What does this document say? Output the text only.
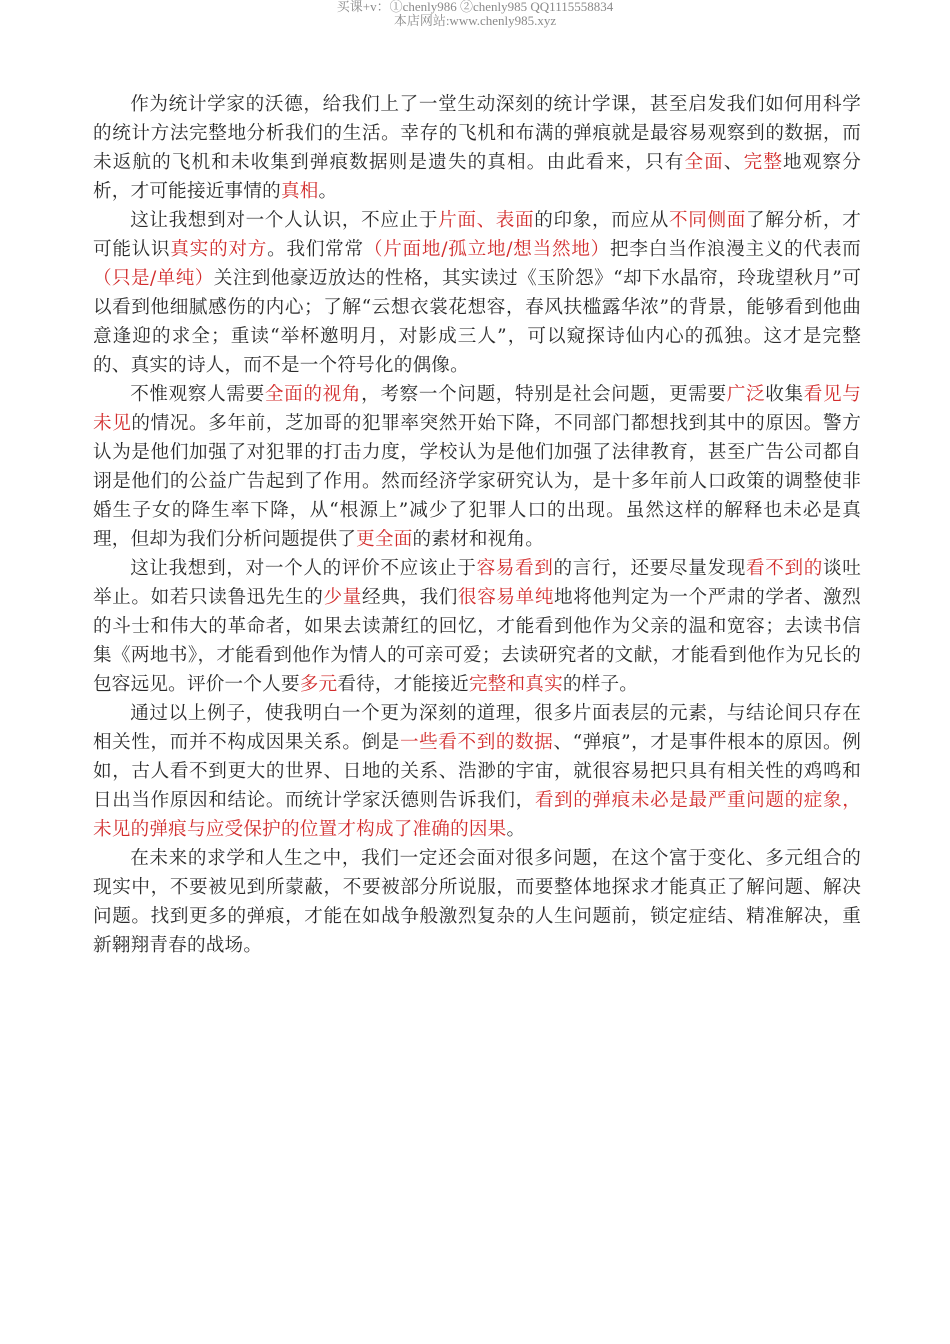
买课+v：①chenly986 ②chenly985 QQ1115558834
本店网站:www.chenly985.xyz

作为统计学家的沃德，给我们上了一堂生动深刻的统计学课，甚至启发我们如何用科学的统计方法完整地分析我们的生活。幸存的飞机和布满的弹痕就是最容易观察到的数据，而未返航的飞机和未收集到弹痕数据则是遗失的真相。由此看来，只有全面、完整地观察分析，才可能接近事情的真相。

这让我想到对一个人认识，不应止于片面、表面的印象，而应从不同侧面了解分析，才可能认识真实的对方。我们常常（片面地/孤立地/想当然地）把李白当作浪漫主义的代表而（只是/单纯）关注到他豪迈放达的性格，其实读过《玉阶怨》“却下水晶帘，玲珑望秋月”可以看到他细腻感伤的内心；了解“云想衣裳花想容，春风扶槛露华浓”的背景，能够看到他曲意逢迎的求全；重读“举杯邀明月，对影成三人”，可以窥探诗仙内心的孤独。这才是完整的、真实的诗人，而不是一个符号化的偶像。

不惟观察人需要全面的视角，考察一个问题，特别是社会问题，更需要广泛收集看见与未见的情况。多年前，芝加哥的犯罪率突然开始下降，不同部门都想找到其中的原因。警方认为是他们加强了对犯罪的打击力度，学校认为是他们加强了法律教育，甚至广告公司都自诩是他们的公益广告起到了作用。然而经济学家研究认为，是十多年前人口政策的调整使非婚生子女的降生率下降，从“根源上”减少了犯罪人口的出现。虽然这样的解释也未必是真理，但却为我们分析问题提供了更全面的素材和视角。

这让我想到，对一个人的评价不应该止于容易看到的言行，还要尽量发现看不到的谈吐举止。如若只读鲁迅先生的少量经典，我们很容易单纯地将他判定为一个严肃的学者、激烈的斗士和伟大的革命者，如果去读萧红的回忆，才能看到他作为父亲的温和宽容；去读书信集《两地书》，才能看到他作为情人的可亲可爱；去读研究者的文献，才能看到他作为兄长的包容远见。评价一个人要多元看待，才能接近完整和真实的样子。

通过以上例子，使我明白一个更为深刻的道理，很多片面表层的元素，与结论间只存在相关性，而并不构成因果关系。倒是一些看不到的数据、“弹痕”，才是事件根本的原因。例如，古人看不到更大的世界、日地的关系、浩渺的宇宙，就很容易把只具有相关性的鸡鸣和日出当作原因和结论。而统计学家沃德则告诉我们，看到的弹痕未必是最严重问题的症象，未见的弹痕与应受保护的位置才构成了准确的因果。

在未来的求学和人生之中，我们一定还会面对很多问题，在这个富于变化、多元组合的现实中，不要被见到所蒙蔽，不要被部分所说服，而要整体地探求才能真正了解问题、解决问题。找到更多的弹痕，才能在如战争般激烈复杂的人生问题前，锁定症结、精准解决，重新翱翔青春的战场。
